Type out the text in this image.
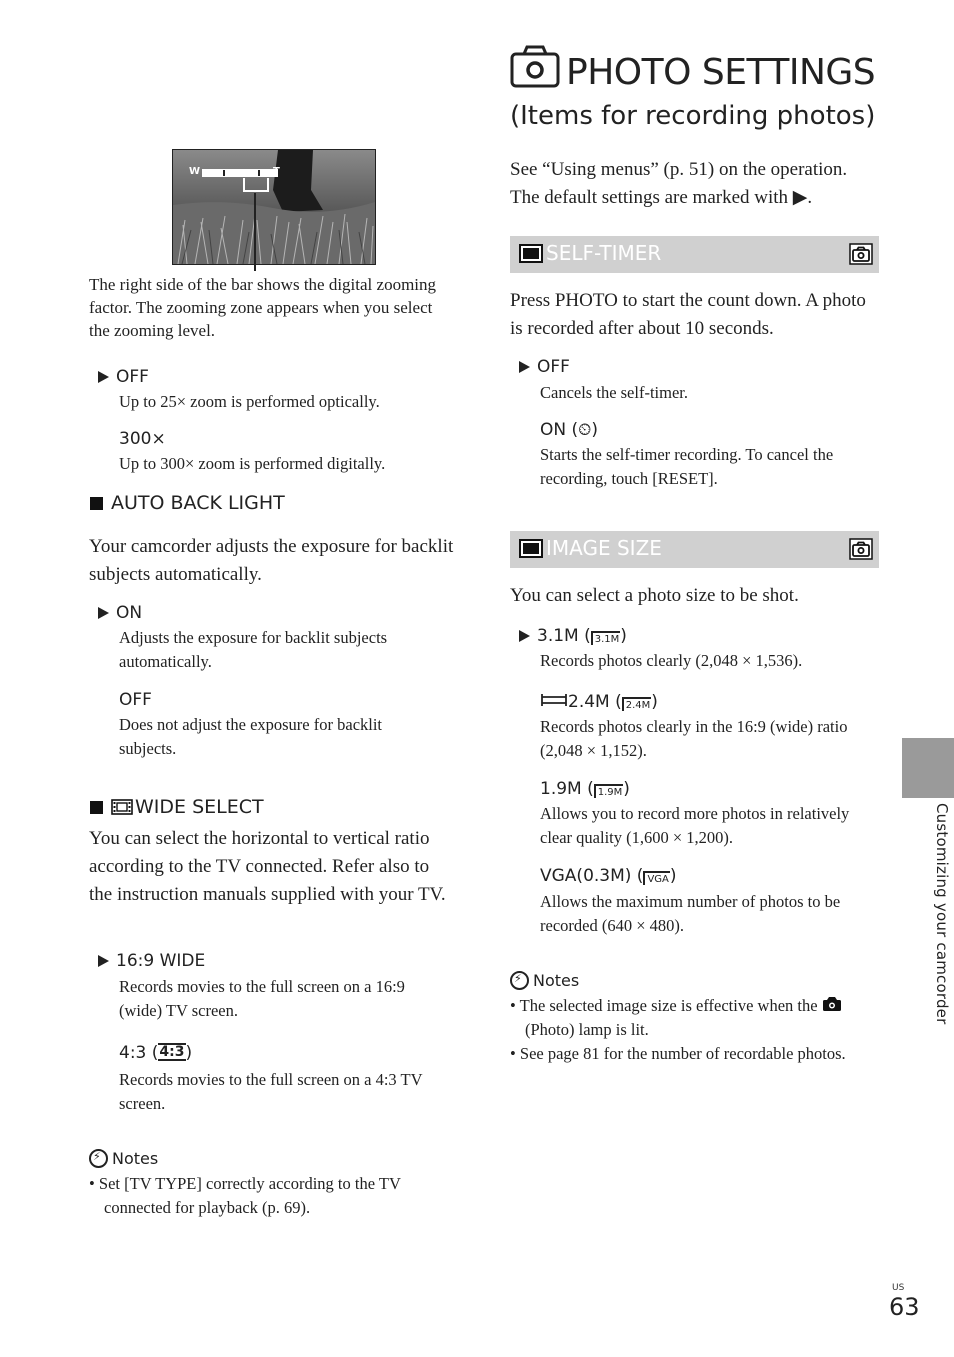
W	T
The right side of the bar shows the digital zooming factor. The zooming zone appears when you select the zooming level.
OFF
Up to 25× zoom is performed optically.
300×
Up to 300× zoom is performed digitally.
AUTO BACK LIGHT
Your camcorder adjusts the exposure for backlit subjects automatically.
ON
Adjusts the exposure for backlit subjects automatically.
OFF
Does not adjust the exposure for backlit subjects.
WIDE SELECT
You can select the horizontal to vertical ratio according to the TV connected. Refer also to the instruction manuals supplied with your TV.
16:9 WIDE
Records movies to the full screen on a 16:9 (wide) TV screen.
4:3 (4:3)
Records movies to the full screen on a 4:3 TV screen.
⚡Notes
• Set [TV TYPE] correctly according to the TV connected for playback (p. 69).
PHOTO SETTINGS
(Items for recording photos)
See “Using menus” (p. 51) on the operation.
The default settings are marked with ▶.
SELF-TIMER
Press PHOTO to start the count down. A photo is recorded after about 10 seconds.
OFF
Cancels the self-timer.
ON (⏲)
Starts the self-timer recording. To cancel the recording, touch [RESET].
IMAGE SIZE
You can select a photo size to be shot.
3.1M ( 3.1M)
Records photos clearly (2,048 × 1,536).
2.4M ( 2.4M)
Records photos clearly in the 16:9 (wide) ratio (2,048 × 1,152).
1.9M ( 1.9M)
Allows you to record more photos in relatively clear quality (1,600 × 1,200).
VGA(0.3M) ( VGA)
Allows the maximum number of photos to be recorded (640 × 480).
⚡Notes
• The selected image size is effective when the
(Photo) lamp is lit.
• See page 81 for the number of recordable photos.
Customizing your camcorder
US
63
